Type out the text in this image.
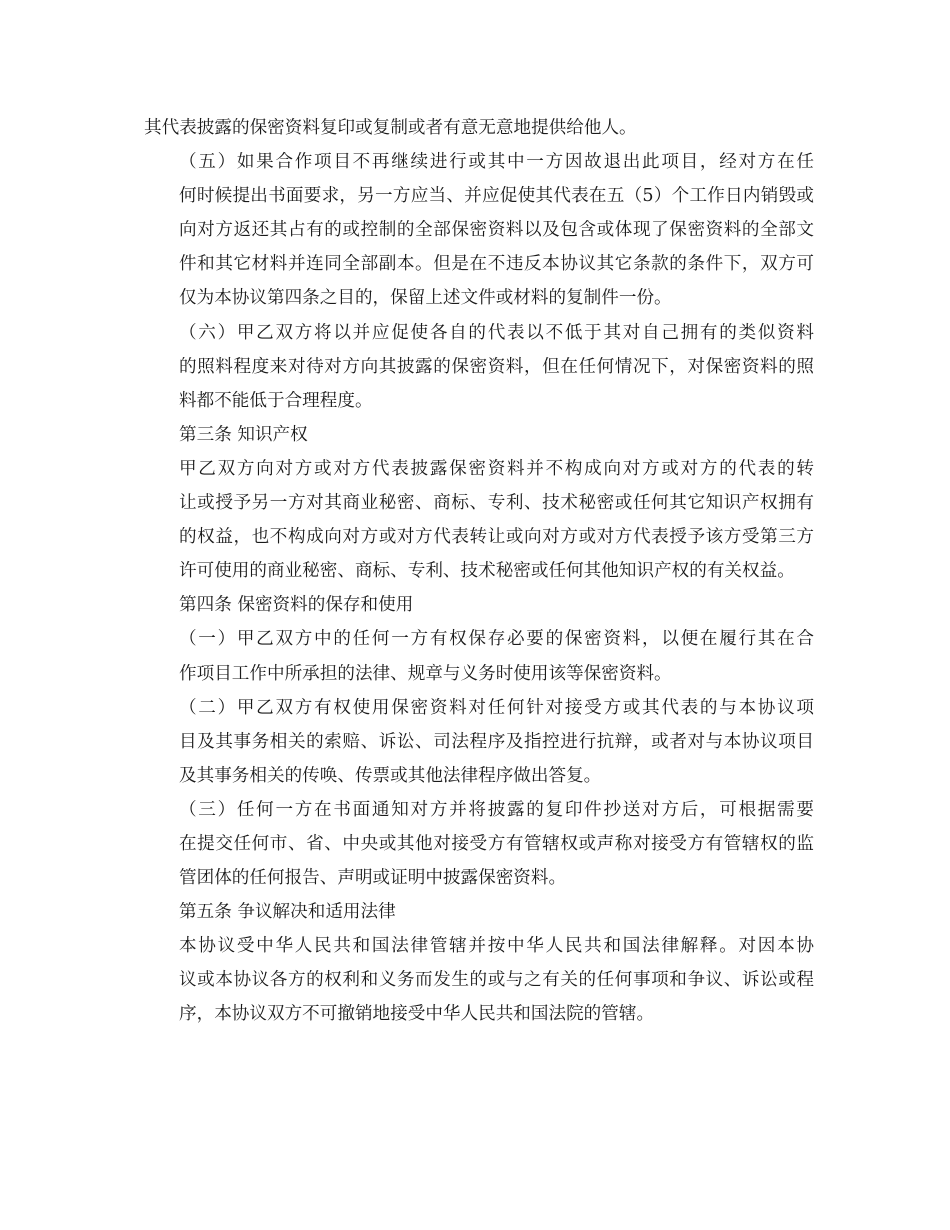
其代表披露的保密资料复印或复制或者有意无意地提供给他人。

（五）如果合作项目不再继续进行或其中一方因故退出此项目，经对方在任
何时候提出书面要求，另一方应当、并应促使其代表在五（5）个工作日内销毁或
向对方返还其占有的或控制的全部保密资料以及包含或体现了保密资料的全部文
件和其它材料并连同全部副本。但是在不违反本协议其它条款的条件下，双方可
仅为本协议第四条之目的，保留上述文件或材料的复制件一份。

（六）甲乙双方将以并应促使各自的代表以不低于其对自己拥有的类似资料
的照料程度来对待对方向其披露的保密资料，但在任何情况下，对保密资料的照
料都不能低于合理程度。

第三条 知识产权

甲乙双方向对方或对方代表披露保密资料并不构成向对方或对方的代表的转
让或授予另一方对其商业秘密、商标、专利、技术秘密或任何其它知识产权拥有
的权益，也不构成向对方或对方代表转让或向对方或对方代表授予该方受第三方
许可使用的商业秘密、商标、专利、技术秘密或任何其他知识产权的有关权益。

第四条 保密资料的保存和使用

（一）甲乙双方中的任何一方有权保存必要的保密资料，以便在履行其在合
作项目工作中所承担的法律、规章与义务时使用该等保密资料。

（二）甲乙双方有权使用保密资料对任何针对接受方或其代表的与本协议项
目及其事务相关的索赔、诉讼、司法程序及指控进行抗辩，或者对与本协议项目
及其事务相关的传唤、传票或其他法律程序做出答复。

（三）任何一方在书面通知对方并将披露的复印件抄送对方后，可根据需要
在提交任何市、省、中央或其他对接受方有管辖权或声称对接受方有管辖权的监
管团体的任何报告、声明或证明中披露保密资料。

第五条 争议解决和适用法律

本协议受中华人民共和国法律管辖并按中华人民共和国法律解释。对因本协
议或本协议各方的权利和义务而发生的或与之有关的任何事项和争议、诉讼或程
序，本协议双方不可撤销地接受中华人民共和国法院的管辖。
